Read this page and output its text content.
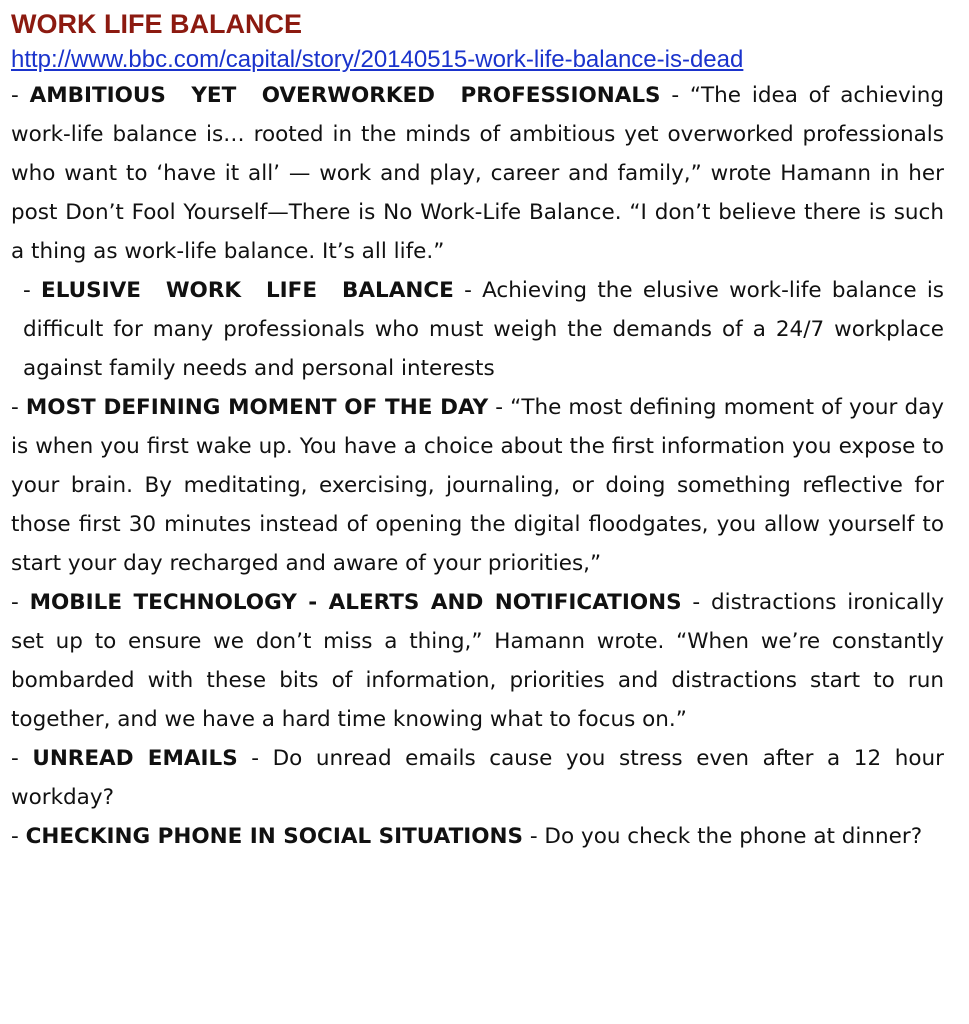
WORK LIFE BALANCE
http://www.bbc.com/capital/story/20140515-work-life-balance-is-dead

- AMBITIOUS YET OVERWORKED PROFESSIONALS - “The idea of achieving work-life balance is… rooted in the minds of ambitious yet overworked professionals who want to ‘have it all’ — work and play, career and family,” wrote Hamann in her post Don’t Fool Yourself—There is No Work-Life Balance. “I don’t believe there is such a thing as work-life balance. It’s all life.”

- ELUSIVE WORK LIFE BALANCE - Achieving the elusive work-life balance is difficult for many professionals who must weigh the demands of a 24/7 workplace against family needs and personal interests

- MOST DEFINING MOMENT OF THE DAY - “The most defining moment of your day is when you first wake up. You have a choice about the first information you expose to your brain. By meditating, exercising, journaling, or doing something reflective for those first 30 minutes instead of opening the digital floodgates, you allow yourself to start your day recharged and aware of your priorities,”

- MOBILE TECHNOLOGY - ALERTS AND NOTIFICATIONS - distractions ironically set up to ensure we don’t miss a thing,” Hamann wrote. “When we’re constantly bombarded with these bits of information, priorities and distractions start to run together, and we have a hard time knowing what to focus on.”

- UNREAD EMAILS - Do unread emails cause you stress even after a 12 hour workday?

- CHECKING PHONE IN SOCIAL SITUATIONS - Do you check the phone at dinner?
